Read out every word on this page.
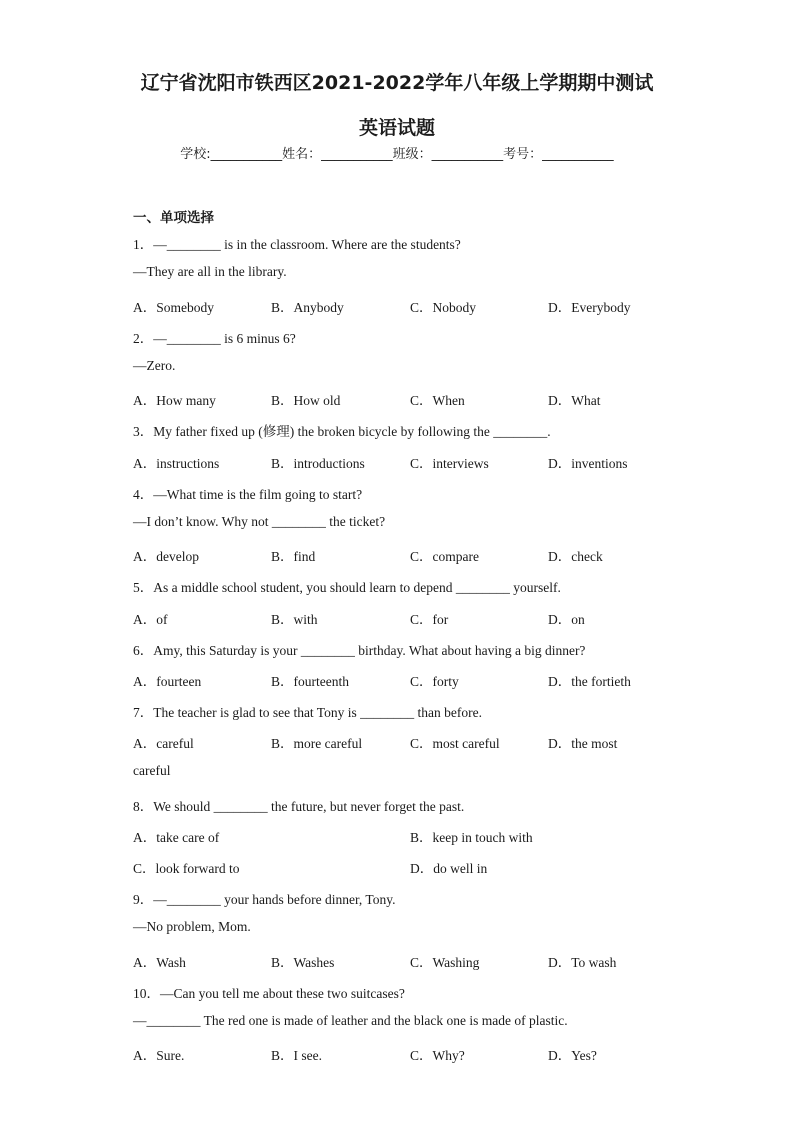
辽宁省沈阳市铁西区2021-2022学年八年级上学期期中测试
英语试题
学校:___________姓名：___________班级：___________考号：___________
一、单项选择
1．—________ is in the classroom. Where are the students?
—They are all in the library.
A．Somebody	B．Anybody	C．Nobody	D．Everybody
2．—________ is 6 minus 6?
—Zero.
A．How many	B．How old	C．When	D．What
3．My father fixed up (修理) the broken bicycle by following the ________.
A．instructions	B．introductions	C．interviews	D．inventions
4．—What time is the film going to start?
—I don’t know. Why not ________ the ticket?
A．develop	B．find	C．compare	D．check
5．As a middle school student, you should learn to depend ________ yourself.
A．of	B．with	C．for	D．on
6．Amy, this Saturday is your ________ birthday. What about having a big dinner?
A．fourteen	B．fourteenth	C．forty	D．the fortieth
7．The teacher is glad to see that Tony is ________ than before.
A．careful	B．more careful	C．most careful	D．the most
careful
8．We should ________ the future, but never forget the past.
A．take care of	B．keep in touch with
C．look forward to	D．do well in
9．—________ your hands before dinner, Tony.
—No problem, Mom.
A．Wash	B．Washes	C．Washing	D．To wash
10．—Can you tell me about these two suitcases?
—________ The red one is made of leather and the black one is made of plastic.
A．Sure.	B．I see.	C．Why?	D．Yes?
